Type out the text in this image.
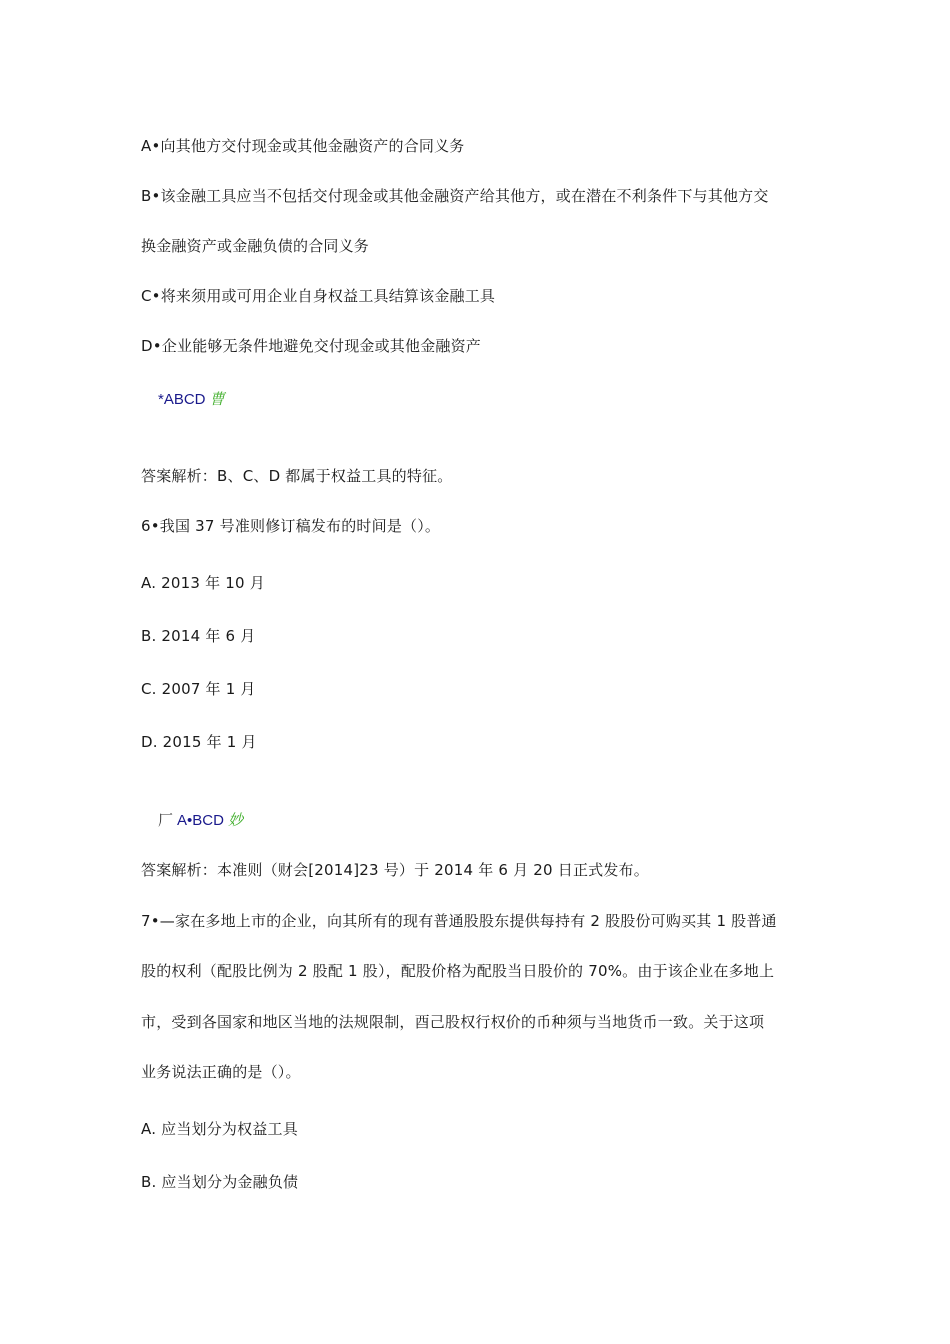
A•向其他方交付现金或其他金融资产的合同义务
B•该金融工具应当不包括交付现金或其他金融资产给其他方，或在潜在不利条件下与其他方交
换金融资产或金融负债的合同义务
C•将来须用或可用企业自身权益工具结算该金融工具
D•企业能够无条件地避免交付现金或其他金融资产
*ABCD 曹
答案解析：B、C、D 都属于权益工具的特征。
6•我国 37 号准则修订稿发布的时间是（）。
A. 2013 年 10 月
B. 2014 年 6 月
C. 2007 年 1 月
D. 2015 年 1 月
厂 A•BCD 妙
答案解析：本准则（财会[2014]23 号）于 2014 年 6 月 20 日正式发布。
7•—家在多地上市的企业，向其所有的现有普通股股东提供每持有 2 股股份可购买其 1 股普通
股的权利（配股比例为 2 股配 1 股），配股价格为配股当日股价的 70%。由于该企业在多地上
市，受到各国家和地区当地的法规限制，酉己股权行权价的币种须与当地货币一致。关于这项
业务说法正确的是（）。
A. 应当划分为权益工具
B. 应当划分为金融负债
